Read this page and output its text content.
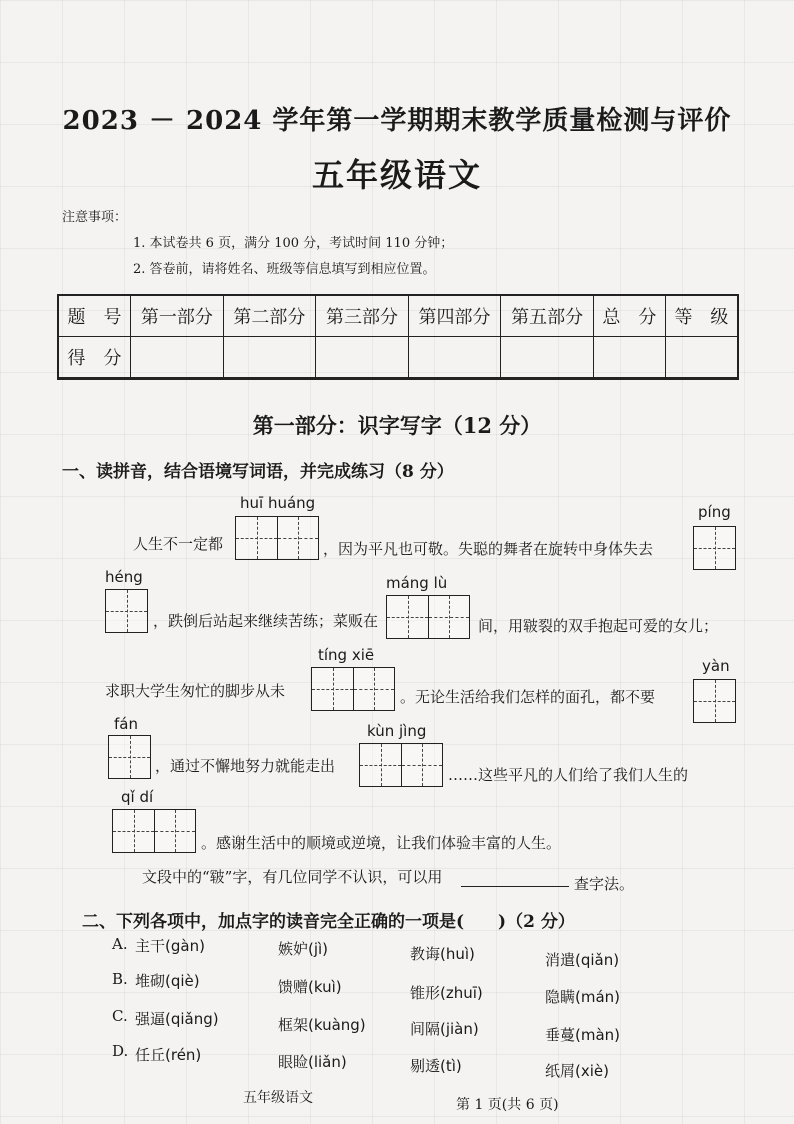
2023 － 2024 学年第一学期期末教学质量检测与评价
五年级语文
注意事项：
1. 本试卷共 6 页，满分 100 分，考试时间 110 分钟；
2. 答卷前，请将姓名、班级等信息填写到相应位置。
题　号	第一部分	第二部分	第三部分	第四部分	第五部分	总　分	等　级
得　分							
第一部分：识字写字（12 分）
一、读拼音，结合语境写词语，并完成练习（8 分）
huī huáng
人生不一定都	，因为平凡也可敬。失聪的舞者在旋转中身体失去
píng
héng
，跌倒后站起来继续苦练；菜贩在
máng lù
间，用皲裂的双手抱起可爱的女儿；
tíng xiē
求职大学生匆忙的脚步从未	。无论生活给我们怎样的面孔，都不要
yàn
fán
，通过不懈地努力就能走出
kùn jìng
……这些平凡的人们给了我们人生的
qǐ dí
。感谢生活中的顺境或逆境，让我们体验丰富的人生。
文段中的“皲”字，有几位同学不认识，可以用	查字法。
二、下列各项中，加点字的读音完全正确的一项是(　　)（2 分）
A. 主干(gàn)	嫉妒(jì)	教诲(huì)	消遣(qiǎn)
B. 堆砌(qiè)	馈赠(kuì)	锥形(zhuī)	隐瞒(mán)
C. 强逼(qiǎng)	框架(kuàng)	间隔(jiàn)	垂蔓(màn)
D. 任丘(rén)	眼睑(liǎn)	剔透(tì)	纸屑(xiè)
五年级语文	第 1 页(共 6 页)
